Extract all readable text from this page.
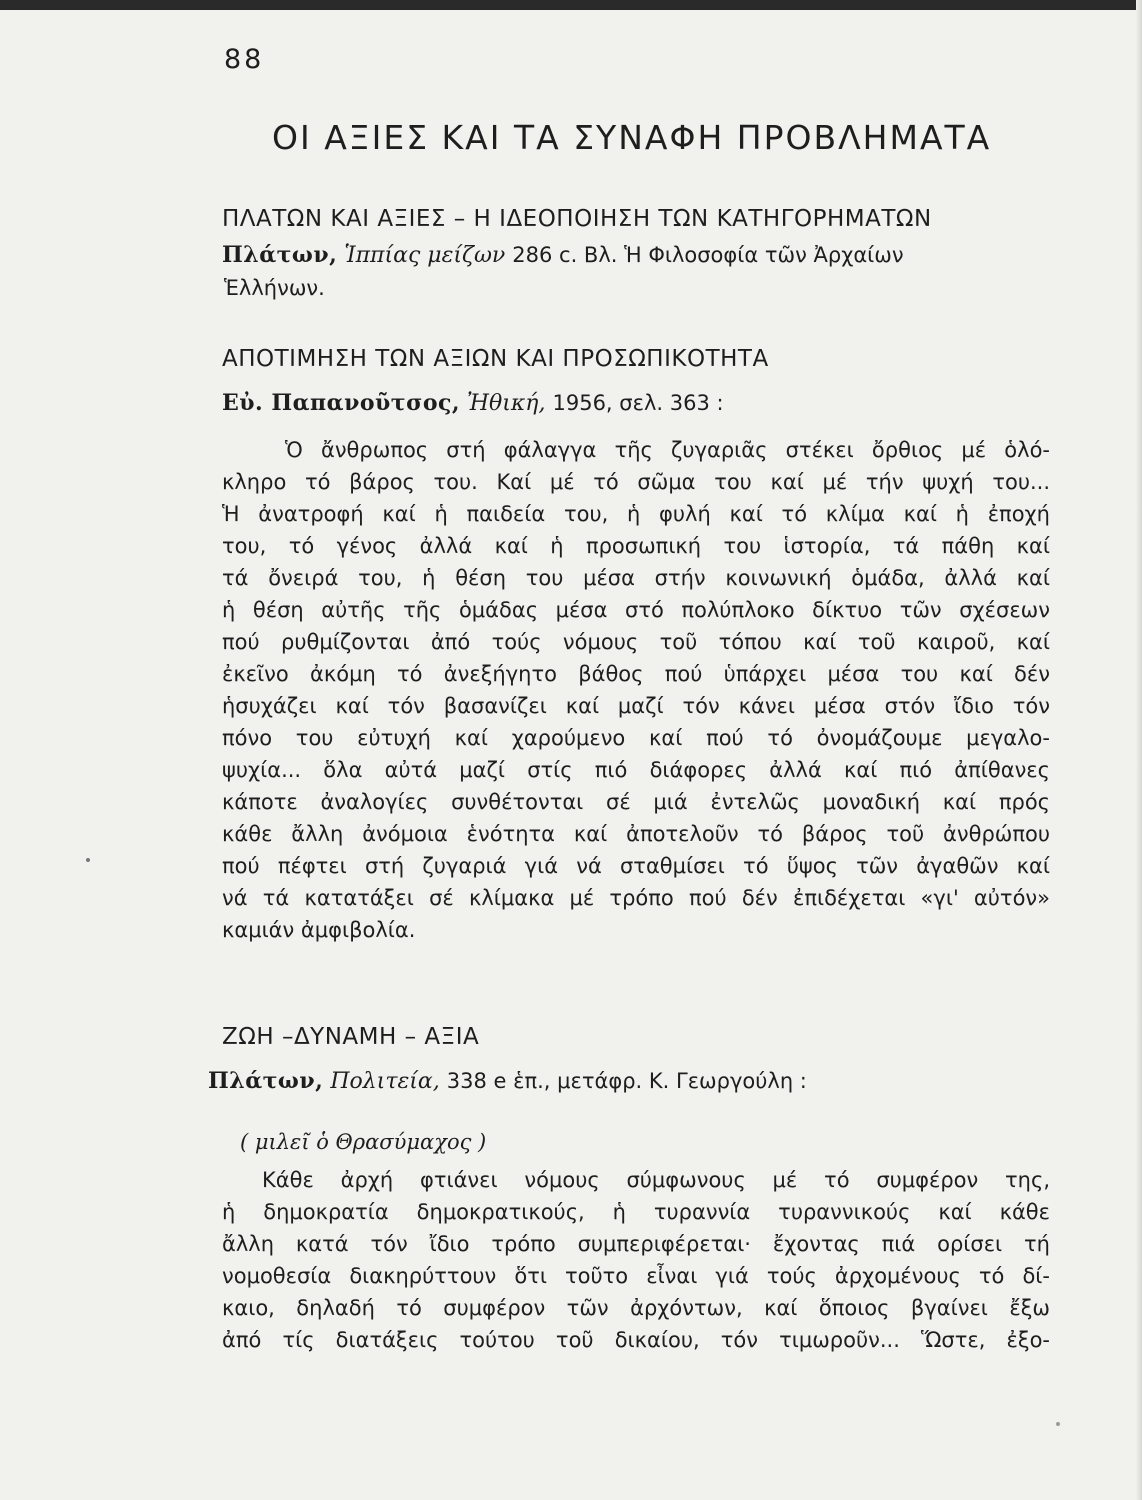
88
ΟΙ ΑΞΙΕΣ ΚΑΙ ΤΑ ΣΥΝΑΦΗ ΠΡΟΒΛΗΜΑΤΑ
ΠΛΑΤΩΝ ΚΑΙ ΑΞΙΕΣ – Η ΙΔΕΟΠΟΙΗΣΗ ΤΩΝ ΚΑΤΗΓΟΡΗΜΑΤΩΝ
Πλάτων, Ἱππίας μείζων 286 c. Βλ. Ἡ Φιλοσοφία τῶν Ἀρχαίων
Ἑλλήνων.
ΑΠΟΤΙΜΗΣΗ ΤΩΝ ΑΞΙΩΝ ΚΑΙ ΠΡΟΣΩΠΙΚΟΤΗΤΑ
Εὐ. Παπανοῦτσος, Ἠθική, 1956, σελ. 363 :
Ὁ ἄνθρωπος στή φάλαγγα τῆς ζυγαριᾶς στέκει ὄρθιος μέ ὁλό-
κληρο τό βάρος του. Καί μέ τό σῶμα του καί μέ τήν ψυχή του...
Ἡ ἀνατροφή καί ἡ παιδεία του, ἡ φυλή καί τό κλίμα καί ἡ ἐποχή
του, τό γένος ἀλλά καί ἡ προσωπική του ἱστορία, τά πάθη καί
τά ὄνειρά του, ἡ θέση του μέσα στήν κοινωνική ὁμάδα, ἀλλά καί
ἡ θέση αὐτῆς τῆς ὁμάδας μέσα στό πολύπλοκο δίκτυο τῶν σχέσεων
πού ρυθμίζονται ἀπό τούς νόμους τοῦ τόπου καί τοῦ καιροῦ, καί
ἐκεῖνο ἀκόμη τό ἀνεξήγητο βάθος πού ὑπάρχει μέσα του καί δέν
ἡσυχάζει καί τόν βασανίζει καί μαζί τόν κάνει μέσα στόν ἴδιο τόν
πόνο του εὐτυχή καί χαρούμενο καί πού τό ὀνομάζουμε μεγαλο-
ψυχία... ὅλα αὐτά μαζί στίς πιό διάφορες ἀλλά καί πιό ἀπίθανες
κάποτε ἀναλογίες συνθέτονται σέ μιά ἐντελῶς μοναδική καί πρός
κάθε ἄλλη ἀνόμοια ἑνότητα καί ἀποτελοῦν τό βάρος τοῦ ἀνθρώπου
πού πέφτει στή ζυγαριά γιά νά σταθμίσει τό ὕψος τῶν ἀγαθῶν καί
νά τά κατατάξει σέ κλίμακα μέ τρόπο πού δέν ἐπιδέχεται «γι' αὐτόν»
καμιάν ἀμφιβολία.
ΖΩΗ –ΔΥΝΑΜΗ – ΑΞΙΑ
Πλάτων, Πολιτεία, 338 e ἑπ., μετάφρ. Κ. Γεωργούλη :
( μιλεῖ ὁ Θρασύμαχος )
Κάθε ἀρχή φτιάνει νόμους σύμφωνους μέ τό συμφέρον της,
ἡ δημοκρατία δημοκρατικούς, ἡ τυραννία τυραννικούς καί κάθε
ἄλλη κατά τόν ἴδιο τρόπο συμπεριφέρεται· ἔχοντας πιά ορίσει τή
νομοθεσία διακηρύττουν ὅτι τοῦτο εἶναι γιά τούς ἀρχομένους τό δί-
καιο, δηλαδή τό συμφέρον τῶν ἀρχόντων, καί ὅποιος βγαίνει ἔξω
ἀπό τίς διατάξεις τούτου τοῦ δικαίου, τόν τιμωροῦν... Ὥστε, ἐξο-
